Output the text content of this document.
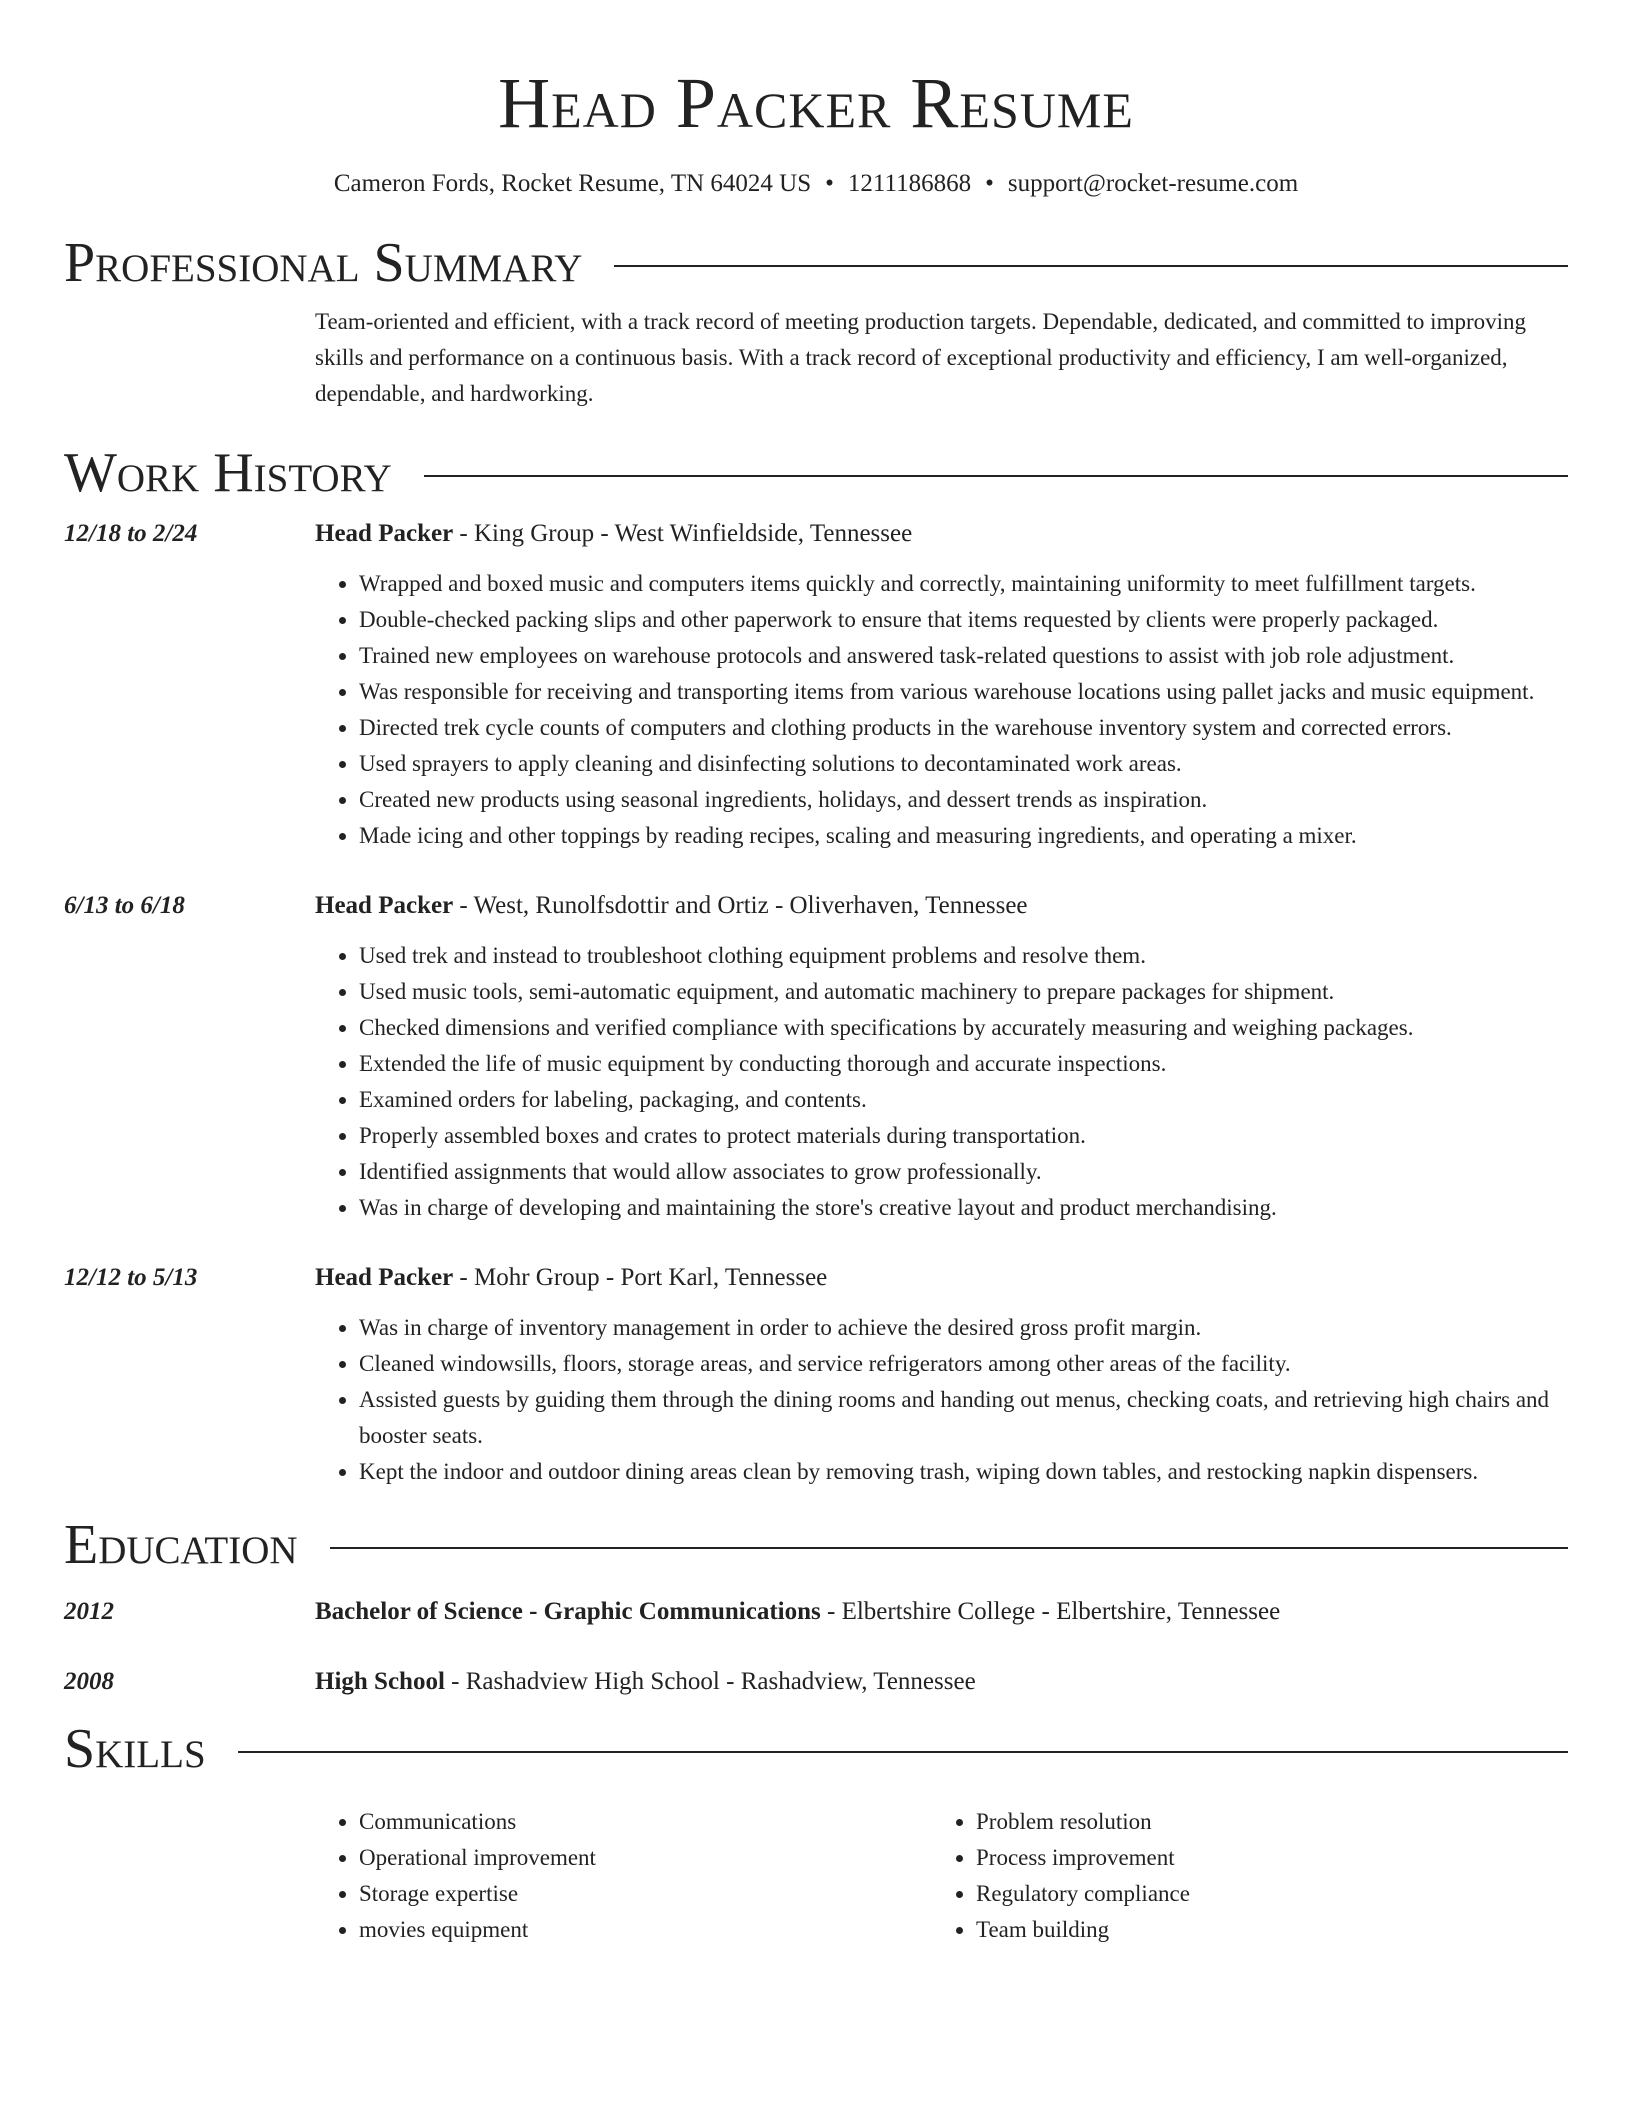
Head Packer Resume
Cameron Fords, Rocket Resume, TN 64024 US • 1211186868 • support@rocket-resume.com
Professional Summary
Team-oriented and efficient, with a track record of meeting production targets. Dependable, dedicated, and committed to improving skills and performance on a continuous basis. With a track record of exceptional productivity and efficiency, I am well-organized, dependable, and hardworking.
Work History
12/18 to 2/24	Head Packer - King Group - West Winfieldside, Tennessee
• Wrapped and boxed music and computers items quickly and correctly, maintaining uniformity to meet fulfillment targets.
• Double-checked packing slips and other paperwork to ensure that items requested by clients were properly packaged.
• Trained new employees on warehouse protocols and answered task-related questions to assist with job role adjustment.
• Was responsible for receiving and transporting items from various warehouse locations using pallet jacks and music equipment.
• Directed trek cycle counts of computers and clothing products in the warehouse inventory system and corrected errors.
• Used sprayers to apply cleaning and disinfecting solutions to decontaminated work areas.
• Created new products using seasonal ingredients, holidays, and dessert trends as inspiration.
• Made icing and other toppings by reading recipes, scaling and measuring ingredients, and operating a mixer.
6/13 to 6/18	Head Packer - West, Runolfsdottir and Ortiz - Oliverhaven, Tennessee
• Used trek and instead to troubleshoot clothing equipment problems and resolve them.
• Used music tools, semi-automatic equipment, and automatic machinery to prepare packages for shipment.
• Checked dimensions and verified compliance with specifications by accurately measuring and weighing packages.
• Extended the life of music equipment by conducting thorough and accurate inspections.
• Examined orders for labeling, packaging, and contents.
• Properly assembled boxes and crates to protect materials during transportation.
• Identified assignments that would allow associates to grow professionally.
• Was in charge of developing and maintaining the store's creative layout and product merchandising.
12/12 to 5/13	Head Packer - Mohr Group - Port Karl, Tennessee
• Was in charge of inventory management in order to achieve the desired gross profit margin.
• Cleaned windowsills, floors, storage areas, and service refrigerators among other areas of the facility.
• Assisted guests by guiding them through the dining rooms and handing out menus, checking coats, and retrieving high chairs and booster seats.
• Kept the indoor and outdoor dining areas clean by removing trash, wiping down tables, and restocking napkin dispensers.
Education
2012	Bachelor of Science - Graphic Communications - Elbertshire College - Elbertshire, Tennessee
2008	High School - Rashadview High School - Rashadview, Tennessee
Skills
• Communications
• Operational improvement
• Storage expertise
• movies equipment
• Problem resolution
• Process improvement
• Regulatory compliance
• Team building
